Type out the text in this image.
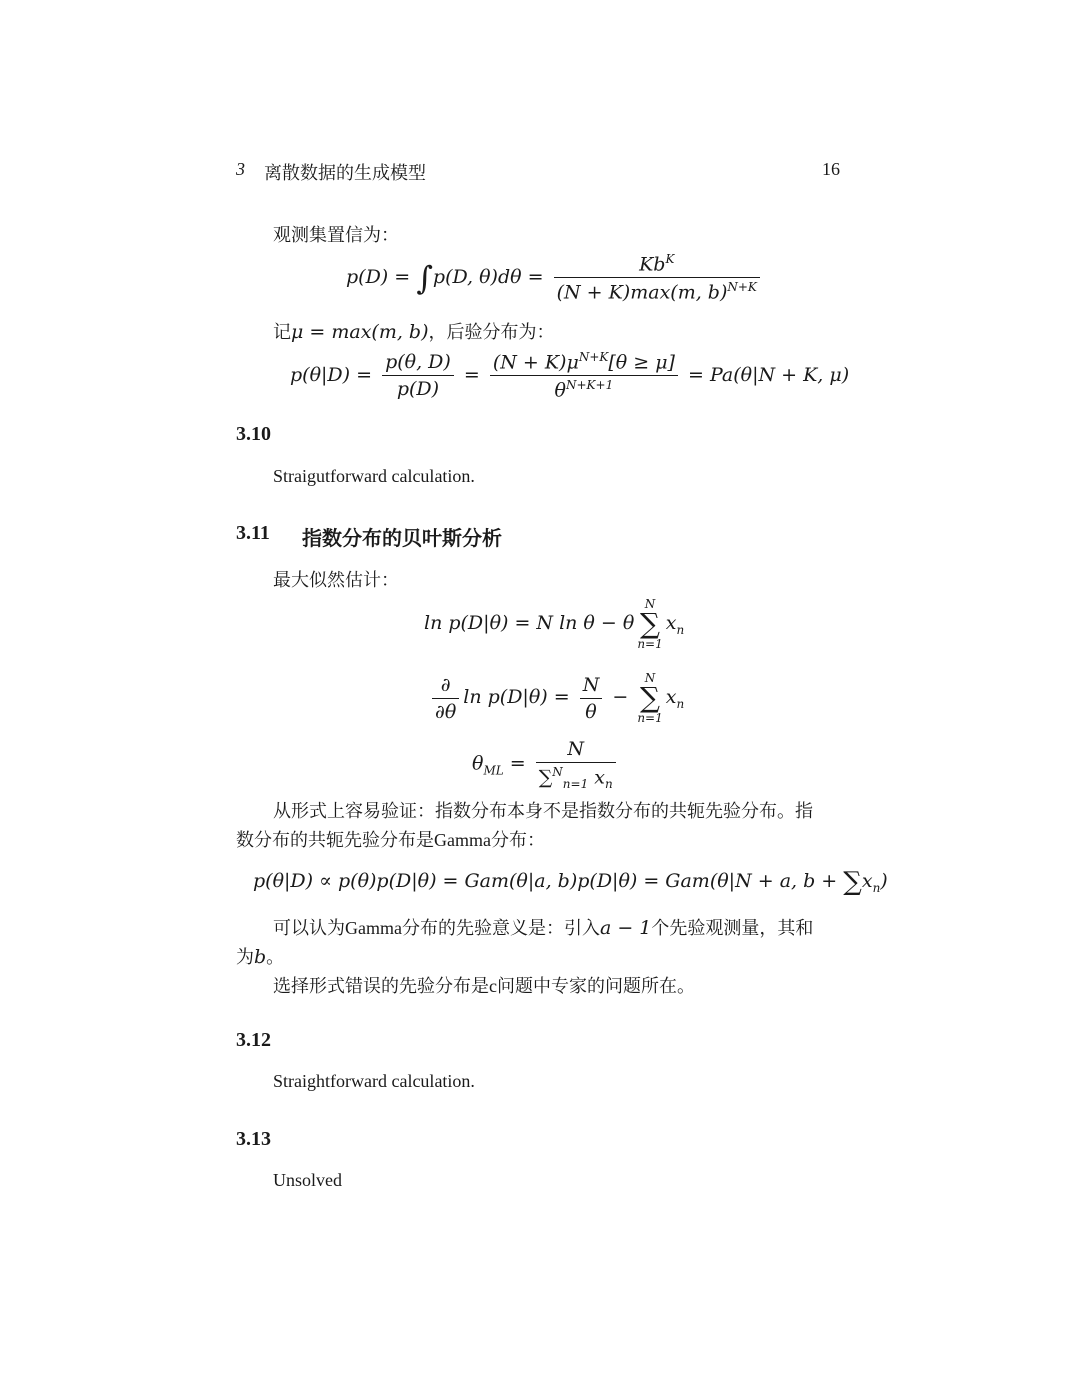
3 离散数据的生成模型	16
观测集置信为：
p(D) = ∫p(D, $\theta)d\theta = \frac{Kb^K}{(N + K)\max(m, b)^{N+K}}$
记μ = max(m, b)，后验分布为：
$p(\theta|D) = \frac{p(\theta, D)}{p(D)} = \frac{(N + K)\mu^{N+K}[\theta \ge \mu]}{\theta^{N+K+1}} = Pa(\theta|N + K$, μ)
3.10
Straigutforward calculation.
3.11 指数分布的贝叶斯分析
最大似然估计：
ln p(D|θ) = N ln θ − θ
N
∑
n=1
$x_n$
$\frac{\partial}{\partial\theta}$ $\ln p(D|\theta) = \frac{N}{\theta}$ −
N
∑
n=1
$x_n$
$\theta_{ML} = \frac{N}{\sum^N_{n=1} x_n}$
从形式上容易验证：指数分布本身不是指数分布的共轭先验分布。指
数分布的共轭先验分布是Gamma分布：
p(θ|D) ∝ p(θ)p(D|θ) = Gam(θ|a, b)p(D|θ) = Gam(θ|N + a, $b + \sum x_n$)
可以认为Gamma分布的先验意义是：引入a − 1个先验观测量，其和
为b。
选择形式错误的先验分布是c问题中专家的问题所在。
3.12
Straightforward calculation.
3.13
Unsolved
